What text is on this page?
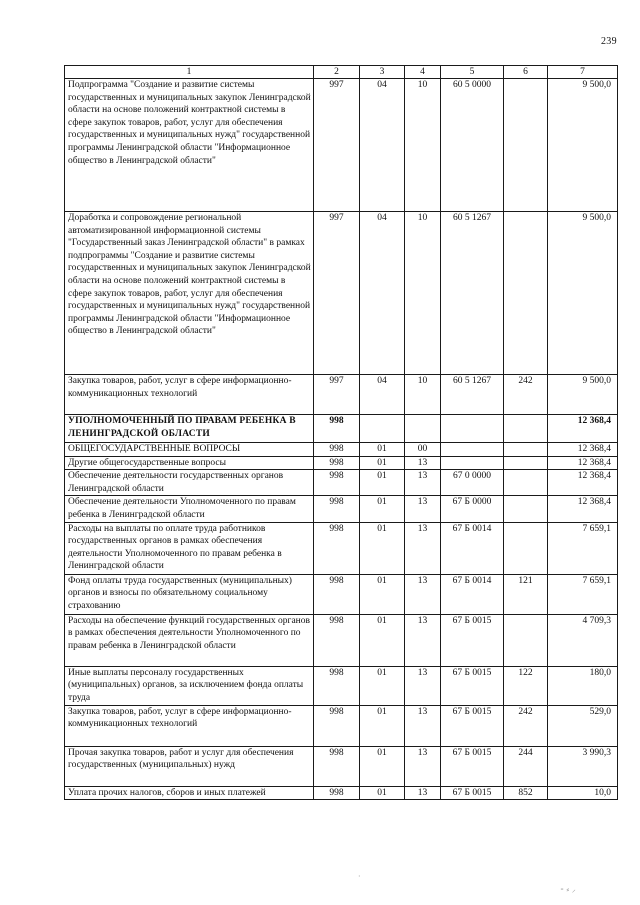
239
1	2	3	4	5	6	7
Подпрограмма "Создание и развитие системы государственных и муниципальных закупок Ленинградской области на основе положений контрактной системы в сфере закупок товаров, работ, услуг для обеспечения государственных и муниципальных нужд" государственной программы Ленинградской области "Информационное общество в Ленинградской области"	997	04	10	60 5 0000		9 500,0
Доработка и сопровождение региональной автоматизированной информационной системы "Государственный заказ Ленинградской области" в рамках подпрограммы "Создание и развитие системы государственных и муниципальных закупок Ленинградской области на основе положений контрактной системы в сфере закупок товаров, работ, услуг для обеспечения государственных и муниципальных нужд" государственной программы Ленинградской области "Информационное общество в Ленинградской области"	997	04	10	60 5 1267		9 500,0
Закупка товаров, работ, услуг в сфере информационно-коммуникационных технологий	997	04	10	60 5 1267	242	9 500,0
УПОЛНОМОЧЕННЫЙ ПО ПРАВАМ РЕБЕНКА В ЛЕНИНГРАДСКОЙ ОБЛАСТИ	998					12 368,4
ОБЩЕГОСУДАРСТВЕННЫЕ ВОПРОСЫ	998	01	00			12 368,4
Другие общегосударственные вопросы	998	01	13			12 368,4
Обеспечение деятельности государственных органов Ленинградской области	998	01	13	67 0 0000		12 368,4
Обеспечение деятельности Уполномоченного по правам ребенка в Ленинградской области	998	01	13	67 Б 0000		12 368,4
Расходы на выплаты по оплате труда работников государственных органов в рамках обеспечения деятельности Уполномоченного по правам ребенка в Ленинградской области	998	01	13	67 Б 0014		7 659,1
Фонд оплаты труда государственных (муниципальных) органов и взносы по обязательному социальному страхованию	998	01	13	67 Б 0014	121	7 659,1
Расходы на обеспечение функций государственных органов в рамках обеспечения деятельности Уполномоченного по правам ребенка в Ленинградской области	998	01	13	67 Б 0015		4 709,3
Иные выплаты персоналу государственных (муниципальных) органов, за исключением фонда оплаты труда	998	01	13	67 Б 0015	122	180,0
Закупка товаров, работ, услуг в сфере информационно-коммуникационных технологий	998	01	13	67 Б 0015	242	529,0
Прочая закупка товаров, работ и услуг для обеспечения государственных (муниципальных) нужд	998	01	13	67 Б 0015	244	3 990,3
Уплата прочих налогов, сборов и иных платежей	998	01	13	67 Б 0015	852	10,0
·
⁃ ⸗ ⸝
